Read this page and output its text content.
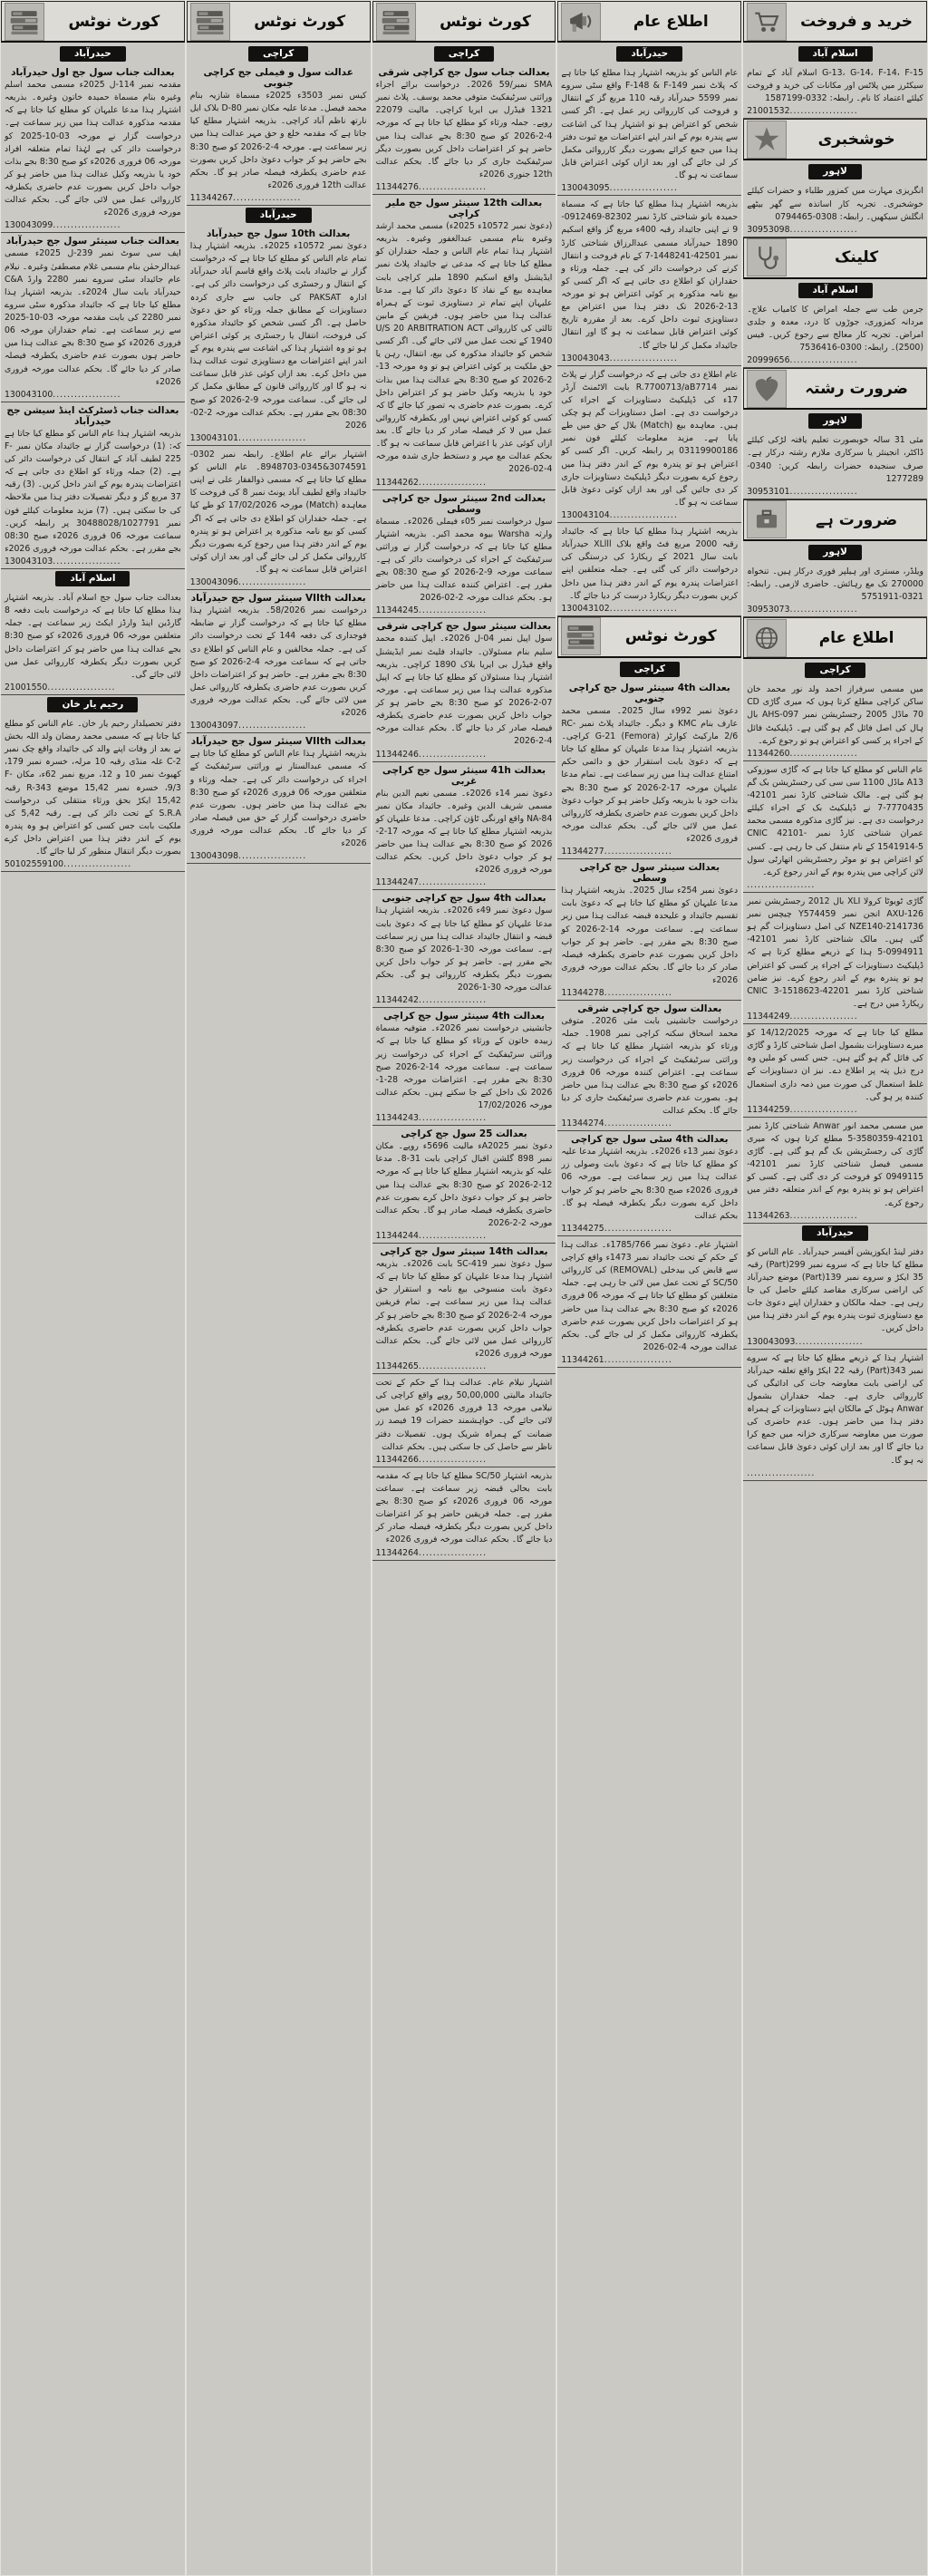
کورٹ نوٹس
حیدرآباد
بعدالت جناب سول جج اول حیدرآباد
مقدمہ نمبر 114-ل 2025ء مسمی محمد اسلم وغیرہ بنام مسماة حمیدہ خاتون وغیرہ۔ بذریعہ اشتہار ہذا مدعا علیہان کو مطلع کیا جاتا ہے کہ مقدمہ مذکورہ عدالت ہذا میں زیر سماعت ہے۔ درخواست گزار نے مورخہ 03-10-2025 کو درخواست دائر کی ہے لہٰذا تمام متعلقہ افراد مورخہ 06 فروری 2026ء کو صبح 8:30 بجے بذات خود یا بذریعہ وکیل عدالت ہذا میں حاضر ہو کر جواب داخل کریں بصورت عدم حاضری یکطرفہ کارروائی عمل میں لائی جائے گی۔ بحکم عدالت مورخہ فروری 2026ء
130043099 .....
بعدالت جناب سینئر سول جج حیدرآباد
ایف سی سوٹ نمبر 239-ل 2025ء مسمی عبدالرحمٰن بنام مسمی غلام مصطفیٰ وغیرہ۔ نیلام عام جائیداد سٹی سروے نمبر 2280 وارڈ C&A حیدرآباد بابت سال 2024ء۔ بذریعہ اشتہار ہذا مطلع کیا جاتا ہے کہ جائیداد مذکورہ سٹی سروے نمبر 2280 کی بابت مقدمہ مورخہ 03-10-2025 سے زیر سماعت ہے۔ تمام حقداران مورخہ 06 فروری 2026ء کو صبح 8:30 بجے عدالت ہذا میں حاضر ہوں بصورت عدم حاضری یکطرفہ فیصلہ صادر کر دیا جائے گا۔ بحکم عدالت مورخہ فروری 2026ء
130043100 .....
بعدالت جناب ڈسٹرکٹ اینڈ سیشن جج حیدرآباد
بذریعہ اشتہار ہذا عام الناس کو مطلع کیا جاتا ہے کہ: (1) درخواست گزار نے جائیداد مکان نمبر F-225 لطیف آباد کے انتقال کی درخواست دائر کی ہے۔ (2) جملہ ورثاء کو اطلاع دی جاتی ہے کہ اعتراضات پندرہ یوم کے اندر داخل کریں۔ (3) رقبہ 37 مربع گز و دیگر تفصیلات دفتر ہذا میں ملاحظہ کی جا سکتی ہیں۔ (7) مزید معلومات کیلئے فون نمبر 30488028/1027791 پر رابطہ کریں۔ سماعت مورخہ 06 فروری 2026ء صبح 08:30 بجے مقرر ہے۔ بحکم عدالت مورخہ فروری 2026ء
130043103 .....
اسلام آباد
بعدالت جناب سول جج اسلام آباد۔ بذریعہ اشتہار ہذا مطلع کیا جاتا ہے کہ درخواست بابت دفعہ 8 گارڈین اینڈ وارڈز ایکٹ زیر سماعت ہے۔ جملہ متعلقین مورخہ 06 فروری 2026ء کو صبح 8:30 بجے عدالت ہذا میں حاضر ہو کر اعتراضات داخل کریں بصورت دیگر یکطرفہ کارروائی عمل میں لائی جائے گی۔
21001550 .....
رحیم یار خان
دفتر تحصیلدار رحیم یار خان۔ عام الناس کو مطلع کیا جاتا ہے کہ مسمی محمد رمضان ولد اللہ بخش نے بعد از وفات اپنے والد کی جائیداد واقع چک نمبر C-2 غلہ منڈی رقبہ 10 مرلہ، خسرہ نمبر 179، کھیوٹ نمبر 10 و 12، مربع نمبر 62ء، مکان F-9/3، خسرہ نمبر 15,42 موضع R-343 رقبہ 15,42 ایکڑ بحق ورثاء منتقلی کی درخواست S.R.A کے تحت دائر کی ہے۔ رقبہ 5,42 کی ملکیت بابت جس کسی کو اعتراض ہو وہ پندرہ یوم کے اندر دفتر ہذا میں اعتراض داخل کرے بصورت دیگر انتقال منظور کر لیا جائے گا۔
50102559100 .....
کورٹ نوٹس
کراچی
عدالت سول و فیملی جج کراچی جنوبی
کیس نمبر 3503ء 2025ء مسماة شازیہ بنام محمد فیصل۔ مدعا علیہ مکان نمبر D-80 بلاک ایل نارتھ ناظم آباد کراچی۔ بذریعہ اشتہار مطلع کیا جاتا ہے کہ مقدمہ خلع و حق مہر عدالت ہذا میں زیر سماعت ہے۔ مورخہ 4-2-2026 کو صبح 8:30 بجے حاضر ہو کر جواب دعویٰ داخل کریں بصورت عدم حاضری یکطرفہ فیصلہ صادر ہو گا۔ بحکم عدالت 12th فروری 2026ء
11344267 .....
حیدرآباد
بعدالت 10th سول جج حیدرآباد
دعویٰ نمبر 10572ء 2025ء۔ بذریعہ اشتہار ہذا تمام عام الناس کو مطلع کیا جاتا ہے کہ درخواست گزار نے جائیداد بابت پلاٹ واقع قاسم آباد حیدرآباد کے انتقال و رجسٹری کی درخواست دائر کی ہے۔ ادارہ PAKSAT کی جانب سے جاری کردہ دستاویزات کے مطابق جملہ ورثاء کو حق دعویٰ حاصل ہے۔ اگر کسی شخص کو جائیداد مذکورہ کی فروخت، انتقال یا رجسٹری پر کوئی اعتراض ہو تو وہ اشتہار ہذا کی اشاعت سے پندرہ یوم کے اندر اپنے اعتراضات مع دستاویزی ثبوت عدالت ہذا میں داخل کرے۔ بعد ازاں کوئی عذر قابل سماعت نہ ہو گا اور کارروائی قانون کے مطابق مکمل کر لی جائے گی۔ سماعت مورخہ 9-2-2026 کو صبح 08:30 بجے مقرر ہے۔ بحکم عدالت مورخہ 2-02-2026
130043101 .....
اشتہار برائے عام اطلاع۔ رابطہ نمبر 0302-3074591&0345-8948703۔ عام الناس کو مطلع کیا جاتا ہے کہ مسمی ذوالفقار علی نے اپنی جائیداد واقع لطیف آباد یونٹ نمبر 8 کی فروخت کا معاہدہ (Match) مورخہ 17/02/2026 کو طے کیا ہے۔ جملہ حقداران کو اطلاع دی جاتی ہے کہ اگر کسی کو بیع نامہ مذکورہ پر اعتراض ہو تو پندرہ یوم کے اندر دفتر ہذا میں رجوع کرے بصورت دیگر کارروائی مکمل کر لی جائے گی اور بعد ازاں کوئی اعتراض قابل سماعت نہ ہو گا۔
130043096 .....
بعدالت VIIth سینئر سول جج حیدرآباد
درخواست نمبر 58/2026۔ بذریعہ اشتہار ہذا مطلع کیا جاتا ہے کہ درخواست گزار نے ضابطہ فوجداری کی دفعہ 144 کے تحت درخواست دائر کی ہے۔ جملہ مخالفین و عام الناس کو اطلاع دی جاتی ہے کہ سماعت مورخہ 4-2-2026 کو صبح 8:30 بجے مقرر ہے۔ حاضر ہو کر اعتراضات داخل کریں بصورت عدم حاضری یکطرفہ کارروائی عمل میں لائی جائے گی۔ بحکم عدالت مورخہ فروری 2026ء
130043097 .....
بعدالت VIIth سینئر سول جج حیدرآباد
بذریعہ اشتہار ہذا عام الناس کو مطلع کیا جاتا ہے کہ مسمی عبدالستار نے وراثتی سرٹیفکیٹ کے اجراء کی درخواست دائر کی ہے۔ جملہ ورثاء و متعلقین مورخہ 06 فروری 2026ء کو صبح 8:30 بجے عدالت ہذا میں حاضر ہوں۔ بصورت عدم حاضری درخواست گزار کے حق میں فیصلہ صادر کر دیا جائے گا۔ بحکم عدالت مورخہ فروری 2026ء
130043098 .....
کورٹ نوٹس
کراچی
بعدالت جناب سول جج کراچی شرقی
SMA نمبر/59 2026۔ درخواست برائے اجراء وراثتی سرٹیفکیٹ متوفی محمد یوسف۔ پلاٹ نمبر 1321 فیڈرل بی ایریا کراچی۔ مالیت 22079 روپے۔ جملہ ورثاء کو مطلع کیا جاتا ہے کہ مورخہ 4-2-2026 کو صبح 8:30 بجے عدالت ہذا میں حاضر ہو کر اعتراضات داخل کریں بصورت دیگر سرٹیفکیٹ جاری کر دیا جائے گا۔ بحکم عدالت 12th جنوری 2026ء
11344276 .....
بعدالت 12th سینئر سول جج ملیر کراچی
(دعویٰ نمبر 10572ء 2025ء) مسمی محمد ارشد وغیرہ بنام مسمی عبدالغفور وغیرہ۔ بذریعہ اشتہار ہذا تمام عام الناس و جملہ حقداران کو مطلع کیا جاتا ہے کہ مدعی نے جائیداد پلاٹ نمبر ایڈیشنل واقع اسکیم 1890 ملیر کراچی بابت معاہدہ بیع کے نفاذ کا دعویٰ دائر کیا ہے۔ مدعا علیہان اپنے تمام تر دستاویزی ثبوت کے ہمراہ عدالت ہذا میں حاضر ہوں۔ فریقین کے مابین ثالثی کی کارروائی U/S 20 ARBITRATION ACT 1940 کے تحت عمل میں لائی جائے گی۔ اگر کسی شخص کو جائیداد مذکورہ کی بیع، انتقال، رہن یا حق ملکیت پر کوئی اعتراض ہو تو وہ مورخہ 13-2-2026 کو صبح 8:30 بجے عدالت ہذا میں بذات خود یا بذریعہ وکیل حاضر ہو کر اعتراض داخل کرے۔ بصورت عدم حاضری یہ تصور کیا جائے گا کہ کسی کو کوئی اعتراض نہیں اور یکطرفہ کارروائی عمل میں لا کر فیصلہ صادر کر دیا جائے گا۔ بعد ازاں کوئی عذر یا اعتراض قابل سماعت نہ ہو گا۔ بحکم عدالت مع مہر و دستخط جاری شدہ مورخہ 4-02-2026
11344262 .....
بعدالت 2nd سینئر سول جج کراچی وسطی
سول درخواست نمبر 05ء فیملی 2026ء۔ مسماة وارثہ Warsha بیوہ محمد اکبر۔ بذریعہ اشتہار مطلع کیا جاتا ہے کہ درخواست گزار نے وراثتی سرٹیفکیٹ کے اجراء کی درخواست دائر کی ہے۔ سماعت مورخہ 9-2-2026 کو صبح 08:30 بجے مقرر ہے۔ اعتراض کنندہ عدالت ہذا میں حاضر ہو۔ بحکم عدالت مورخہ 2-02-2026
11344245 .....
بعدالت سینئر سول جج کراچی شرقی
سول اپیل نمبر 04-ل 2026ء۔ اپیل کنندہ محمد سلیم بنام مسئولان۔ جائیداد فلیٹ نمبر ایڈیشنل واقع فیڈرل بی ایریا بلاک 1890 کراچی۔ بذریعہ اشتہار ہذا مسئولان کو مطلع کیا جاتا ہے کہ اپیل مذکورہ عدالت ہذا میں زیر سماعت ہے۔ مورخہ 07-2-2026 کو صبح 8:30 بجے حاضر ہو کر جواب داخل کریں بصورت عدم حاضری یکطرفہ فیصلہ صادر کر دیا جائے گا۔ بحکم عدالت مورخہ 4-2-2026
11344246 .....
بعدالت 41h سینئر سول جج کراچی غربی
دعویٰ نمبر 14ء 2026ء۔ مسمی نعیم الدین بنام مسمی شریف الدین وغیرہ۔ جائیداد مکان نمبر NA-84 واقع اورنگی ٹاؤن کراچی۔ مدعا علیہان کو بذریعہ اشتہار مطلع کیا جاتا ہے کہ مورخہ 17-2-2026 کو صبح 8:30 بجے عدالت ہذا میں حاضر ہو کر جواب دعویٰ داخل کریں۔ بحکم عدالت مورخہ فروری 2026ء
11344247 .....
بعدالت 4th سول جج کراچی جنوبی
سول دعویٰ نمبر 49ء 2026ء۔ بذریعہ اشتہار ہذا مدعا علیہان کو مطلع کیا جاتا ہے کہ دعویٰ بابت قبضہ و انتقال جائیداد عدالت ہذا میں زیر سماعت ہے۔ سماعت مورخہ 30-1-2026 کو صبح 8:30 بجے مقرر ہے۔ حاضر ہو کر جواب داخل کریں بصورت دیگر یکطرفہ کارروائی ہو گی۔ بحکم عدالت مورخہ 30-1-2026
11344242 .....
بعدالت 4th سینئر سول جج کراچی
جانشینی درخواست نمبر 2026ء۔ متوفیہ مسماة زبیدہ خاتون کے ورثاء کو مطلع کیا جاتا ہے کہ وراثتی سرٹیفکیٹ کے اجراء کی درخواست زیر سماعت ہے۔ سماعت مورخہ 14-2-2026 صبح 8:30 بجے مقرر ہے۔ اعتراضات مورخہ 28-1-2026 تک داخل کیے جا سکتے ہیں۔ بحکم عدالت مورخہ 17/02/2026
11344243 .....
بعدالت 25 سول جج کراچی
دعویٰ نمبر A2025ء مالیت 5696ء روپے۔ مکان نمبر 898 گلشن اقبال کراچی بابت 31-8۔ مدعا علیہ کو بذریعہ اشتہار مطلع کیا جاتا ہے کہ مورخہ 12-2-2026 کو صبح 8:30 بجے عدالت ہذا میں حاضر ہو کر جواب دعویٰ داخل کرے بصورت عدم حاضری یکطرفہ فیصلہ صادر ہو گا۔ بحکم عدالت مورخہ 2-2-2026
11344244 .....
بعدالت 14th سینئر سول جج کراچی
سول دعویٰ نمبر SC-419 بابت 2026ء۔ بذریعہ اشتہار ہذا مدعا علیہان کو مطلع کیا جاتا ہے کہ دعویٰ بابت منسوخی بیع نامہ و استقرار حق عدالت ہذا میں زیر سماعت ہے۔ تمام فریقین مورخہ 4-2-2026 کو صبح 8:30 بجے حاضر ہو کر جواب داخل کریں بصورت عدم حاضری یکطرفہ کارروائی عمل میں لائی جائے گی۔ بحکم عدالت مورخہ فروری 2026ء
11344265 .....
اشتہار نیلام عام۔ عدالت ہذا کے حکم کے تحت جائیداد مالیتی 50,00,000 روپے واقع کراچی کی نیلامی مورخہ 13 فروری 2026ء کو عمل میں لائی جائے گی۔ خواہشمند حضرات 19 فیصد زر ضمانت کے ہمراہ شریک ہوں۔ تفصیلات دفتر ناظر سے حاصل کی جا سکتی ہیں۔ بحکم عدالت
11344266 .....
بذریعہ اشتہار SC/50 مطلع کیا جاتا ہے کہ مقدمہ بابت بحالی قبضہ زیر سماعت ہے۔ سماعت مورخہ 06 فروری 2026ء کو صبح 8:30 بجے مقرر ہے۔ جملہ فریقین حاضر ہو کر اعتراضات داخل کریں بصورت دیگر یکطرفہ فیصلہ صادر کر دیا جائے گا۔ بحکم عدالت مورخہ فروری 2026ء
11344264 .....
اطلاع عام
حیدرآباد
عام الناس کو بذریعہ اشتہار ہذا مطلع کیا جاتا ہے کہ پلاٹ نمبر F-148 & F-149 واقع سٹی سروے نمبر 5599 حیدرآباد رقبہ 110 مربع گز کے انتقال و فروخت کی کارروائی زیر عمل ہے۔ اگر کسی شخص کو اعتراض ہو تو اشتہار ہذا کی اشاعت سے پندرہ یوم کے اندر اپنے اعتراضات مع ثبوت دفتر ہذا میں جمع کرائے بصورت دیگر کارروائی مکمل کر لی جائے گی اور بعد ازاں کوئی اعتراض قابل سماعت نہ ہو گا۔
130043095 .....
بذریعہ اشتہار ہذا مطلع کیا جاتا ہے کہ مسماة حمیدہ بانو شناختی کارڈ نمبر 82302-0912469-9 نے اپنی جائیداد رقبہ 400ء مربع گز واقع اسکیم 1890 حیدرآباد مسمی عبدالرزاق شناختی کارڈ نمبر 42501-1448241-7 کے نام فروخت و انتقال کرنے کی درخواست دائر کی ہے۔ جملہ ورثاء و حقداران کو اطلاع دی جاتی ہے کہ اگر کسی کو بیع نامہ مذکورہ پر کوئی اعتراض ہو تو مورخہ 13-2-2026 تک دفتر ہذا میں اعتراض مع دستاویزی ثبوت داخل کرے۔ بعد از مقررہ تاریخ کوئی اعتراض قابل سماعت نہ ہو گا اور انتقال جائیداد مکمل کر لیا جائے گا۔
130043043 .....
عام اطلاع دی جاتی ہے کہ درخواست گزار نے پلاٹ نمبر R.7700713/aB7714 بابت الاٹمنٹ آرڈر 17ء کی ڈپلیکیٹ دستاویزات کے اجراء کی درخواست دی ہے۔ اصل دستاویزات گم ہو چکی ہیں۔ معاہدہ بیع (Match) بلال کے حق میں طے پایا ہے۔ مزید معلومات کیلئے فون نمبر 03119900186 پر رابطہ کریں۔ اگر کسی کو اعتراض ہو تو پندرہ یوم کے اندر دفتر ہذا میں رجوع کرے بصورت دیگر ڈپلیکیٹ دستاویزات جاری کر دی جائیں گی اور بعد ازاں کوئی دعویٰ قابل سماعت نہ ہو گا۔
130043104 .....
بذریعہ اشتہار ہذا مطلع کیا جاتا ہے کہ جائیداد رقبہ 2000 مربع فٹ واقع بلاک XLlll حیدرآباد بابت سال 2021 کے ریکارڈ کی درستگی کی درخواست دائر کی گئی ہے۔ جملہ متعلقین اپنے اعتراضات پندرہ یوم کے اندر دفتر ہذا میں داخل کریں بصورت دیگر ریکارڈ درست کر دیا جائے گا۔
130043102 .....
کورٹ نوٹس
کراچی
بعدالت 4th سینئر سول جج کراچی جنوبی
دعویٰ نمبر 992ء سال 2025۔ مسمی محمد عارف بنام KMC و دیگر۔ جائیداد پلاٹ نمبر RC-2/6 مارکیٹ کوارٹر G-21 (Femora) کراچی۔ بذریعہ اشتہار ہذا مدعا علیہان کو مطلع کیا جاتا ہے کہ دعویٰ بابت استقرار حق و دائمی حکم امتناع عدالت ہذا میں زیر سماعت ہے۔ تمام مدعا علیہان مورخہ 17-2-2026 کو صبح 8:30 بجے بذات خود یا بذریعہ وکیل حاضر ہو کر جواب دعویٰ داخل کریں بصورت عدم حاضری یکطرفہ کارروائی عمل میں لائی جائے گی۔ بحکم عدالت مورخہ فروری 2026ء
11344277 .....
بعدالت سینئر سول جج کراچی وسطی
دعویٰ نمبر 254ء سال 2025۔ بذریعہ اشتہار ہذا مدعا علیہان کو مطلع کیا جاتا ہے کہ دعویٰ بابت تقسیم جائیداد و علیحدہ قبضہ عدالت ہذا میں زیر سماعت ہے۔ سماعت مورخہ 14-2-2026 کو صبح 8:30 بجے مقرر ہے۔ حاضر ہو کر جواب داخل کریں بصورت عدم حاضری یکطرفہ فیصلہ صادر کر دیا جائے گا۔ بحکم عدالت مورخہ فروری 2026ء
11344278 .....
بعدالت سول جج کراچی شرقی
درخواست جانشینی بابت مئی 2026۔ متوفی محمد اسحاق سکنہ کراچی نمبر 1908۔ جملہ ورثاء کو بذریعہ اشتہار مطلع کیا جاتا ہے کہ وراثتی سرٹیفکیٹ کے اجراء کی درخواست زیر سماعت ہے۔ اعتراض کنندہ مورخہ 06 فروری 2026ء کو صبح 8:30 بجے عدالت ہذا میں حاضر ہو۔ بصورت عدم حاضری سرٹیفکیٹ جاری کر دیا جائے گا۔ بحکم عدالت
11344274 .....
بعدالت 4th سٹی سول جج کراچی
دعویٰ نمبر 13ء 2026ء۔ بذریعہ اشتہار مدعا علیہ کو مطلع کیا جاتا ہے کہ دعویٰ بابت وصولی زر عدالت ہذا میں زیر سماعت ہے۔ مورخہ 06 فروری 2026ء صبح 8:30 بجے حاضر ہو کر جواب داخل کرے بصورت دیگر یکطرفہ فیصلہ ہو گا۔ بحکم عدالت
11344275 .....
اشتہار عام۔ دعویٰ نمبر 1785/766ء۔ عدالت ہذا کے حکم کے تحت جائیداد نمبر 1473ء واقع کراچی سے قابض کی بیدخلی (REMOVAL) کی کارروائی SC/50 کے تحت عمل میں لائی جا رہی ہے۔ جملہ متعلقین کو مطلع کیا جاتا ہے کہ مورخہ 06 فروری 2026ء کو صبح 8:30 بجے عدالت ہذا میں حاضر ہو کر اعتراضات داخل کریں بصورت عدم حاضری یکطرفہ کارروائی مکمل کر لی جائے گی۔ بحکم عدالت مورخہ 4-02-2026
11344261 .....
خرید و فروخت
اسلام آباد
G-13، G-14، F-14، F-15 اسلام آباد کے تمام سیکٹرز میں پلاٹس اور مکانات کی خرید و فروخت کیلئے اعتماد کا نام۔ رابطہ: 0332-1587199
21001532 .....
خوشخبری
لاہور
انگریزی مہارت میں کمزور طلباء و حضرات کیلئے خوشخبری۔ تجربہ کار اساتذہ سے گھر بیٹھے انگلش سیکھیں۔ رابطہ: 0308-0794465
30953098 .....
کلینک
اسلام آباد
جرمن طب سے جملہ امراض کا کامیاب علاج۔ مردانہ کمزوری، جوڑوں کا درد، معدہ و جلدی امراض۔ تجربہ کار معالج سے رجوع کریں۔ فیس (2500)۔ رابطہ: 0300-7536416
20999656 .....
ضرورت رشتہ
لاہور
مئی 31 سالہ خوبصورت تعلیم یافتہ لڑکی کیلئے ڈاکٹر، انجینئر یا سرکاری ملازم رشتہ درکار ہے۔ صرف سنجیدہ حضرات رابطہ کریں: 0340-1277289
30953101 .....
ضرورت ہے
لاہور
ویلڈر، مستری اور ہیلپر فوری درکار ہیں۔ تنخواہ 270000 تک مع رہائش۔ حاضری لازمی۔ رابطہ: 0321-5751911
30953073 .....
اطلاع عام
کراچی
میں مسمی سرفراز احمد ولد نور محمد خان ساکن کراچی مطلع کرتا ہوں کہ میری گاڑی CD 70 ماڈل 2005 رجسٹریشن نمبر AHS-097 بال ہال کی اصل فائل گم ہو گئی ہے۔ ڈپلیکیٹ فائل کے اجراء پر کسی کو اعتراض ہو تو رجوع کرے۔
11344260 .....
عام الناس کو مطلع کیا جاتا ہے کہ گاڑی سوزوکی A13 ماڈل 1100 سی سی کی رجسٹریشن بک گم ہو گئی ہے۔ مالک شناختی کارڈ نمبر 42101-7770435-7 نے ڈپلیکیٹ بک کے اجراء کیلئے درخواست دی ہے۔ نیز گاڑی مذکورہ مسمی محمد عمران شناختی کارڈ نمبر CNIC 42101-1541914-5 کے نام منتقل کی جا رہی ہے۔ کسی کو اعتراض ہو تو موٹر رجسٹریشن اتھارٹی سول لائن کراچی میں پندرہ یوم کے اندر رجوع کرے۔
.....
گاڑی ٹویوٹا کرولا XLI بال 2012 رجسٹریشن نمبر AXU-126 انجن نمبر Y574459 چیچس نمبر NZE140-2141736 کی اصل دستاویزات گم ہو گئی ہیں۔ مالک شناختی کارڈ نمبر 42101-0994911-5 ہذا کے ذریعے مطلع کرتا ہے کہ ڈپلیکیٹ دستاویزات کے اجراء پر کسی کو اعتراض ہو تو پندرہ یوم کے اندر رجوع کرے۔ نیز ضامن شناختی کارڈ نمبر 42201-1518623-3 CNIC ریکارڈ میں درج ہے۔
11344249 .....
مطلع کیا جاتا ہے کہ مورخہ 14/12/2025 کو میرے دستاویزات بشمول اصل شناختی کارڈ و گاڑی کی فائل گم ہو گئے ہیں۔ جس کسی کو ملیں وہ درج ذیل پتہ پر اطلاع دے۔ نیز ان دستاویزات کے غلط استعمال کی صورت میں ذمہ داری استعمال کنندہ پر ہو گی۔
11344259 .....
میں مسمی محمد انور Anwar شناختی کارڈ نمبر 42101-3580359-5 مطلع کرتا ہوں کہ میری گاڑی کی رجسٹریشن بک گم ہو گئی ہے۔ گاڑی مسمی فیصل شناختی کارڈ نمبر 42101-0949115 کو فروخت کر دی گئی ہے۔ کسی کو اعتراض ہو تو پندرہ یوم کے اندر متعلقہ دفتر میں رجوع کرے۔
11344263 .....
حیدرآباد
دفتر لینڈ ایکوزیشن آفیسر حیدرآباد۔ عام الناس کو مطلع کیا جاتا ہے کہ سروے نمبر 299(Part) رقبہ 35 ایکڑ و سروے نمبر 139(Part) موضع حیدرآباد کی اراضی سرکاری مقاصد کیلئے حاصل کی جا رہی ہے۔ جملہ مالکان و حقداران اپنے دعویٰ جات مع دستاویزی ثبوت پندرہ یوم کے اندر دفتر ہذا میں داخل کریں۔
130043093 .....
اشتہار ہذا کے ذریعے مطلع کیا جاتا ہے کہ سروے نمبر 343(Part) رقبہ 22 ایکڑ واقع تعلقہ حیدرآباد کی اراضی بابت معاوضہ جات کی ادائیگی کی کارروائی جاری ہے۔ جملہ حقداران بشمول Anwar ہوٹل کے مالکان اپنے دستاویزات کے ہمراہ دفتر ہذا میں حاضر ہوں۔ عدم حاضری کی صورت میں معاوضہ سرکاری خزانہ میں جمع کرا دیا جائے گا اور بعد ازاں کوئی دعویٰ قابل سماعت نہ ہو گا۔
.....
